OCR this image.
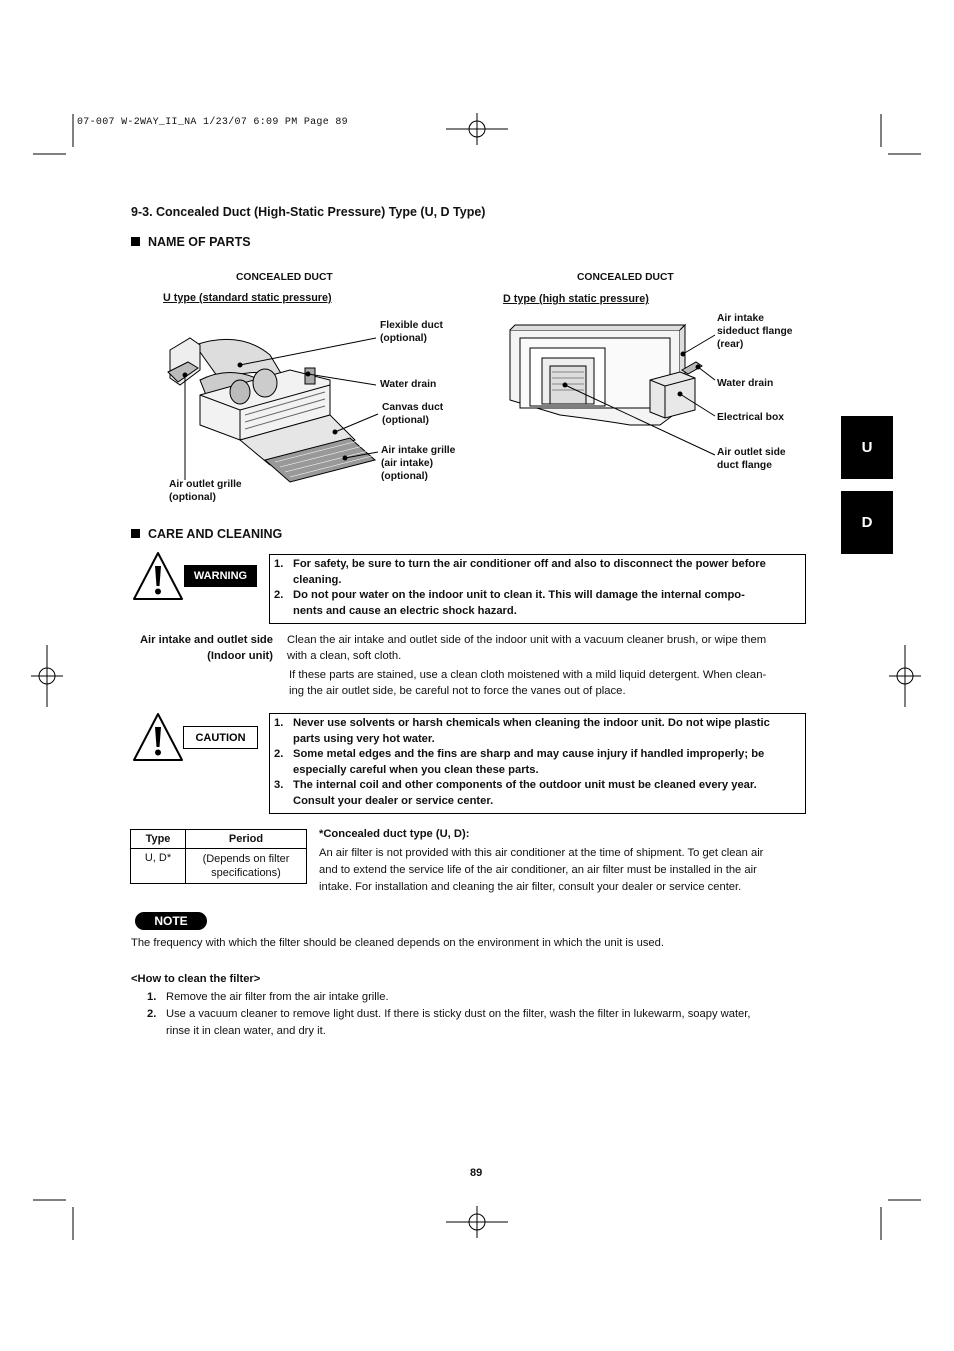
07-007 W-2WAY_II_NA 1/23/07 6:09 PM Page 89
9-3. Concealed Duct (High-Static Pressure) Type (U, D Type)
NAME OF PARTS
CONCEALED DUCT
U type (standard static pressure)
CONCEALED DUCT
D type (high static pressure)
Flexible duct
(optional)
Water drain
Canvas duct
(optional)
Air intake grille
(air intake)
(optional)
Air outlet grille
(optional)
Air intake
sideduct flange
(rear)
Water drain
Electrical box
Air outlet side
duct flange
U
D
CARE AND CLEANING
WARNING
1. For safety, be sure to turn the air conditioner off and also to disconnect the power before
cleaning.
2. Do not pour water on the indoor unit to clean it. This will damage the internal compo-
nents and cause an electric shock hazard.
Air intake and outlet side
(Indoor unit)
Clean the air intake and outlet side of the indoor unit with a vacuum cleaner brush, or wipe them
with a clean, soft cloth.
If these parts are stained, use a clean cloth moistened with a mild liquid detergent. When clean-
ing the air outlet side, be careful not to force the vanes out of place.
CAUTION
1. Never use solvents or harsh chemicals when cleaning the indoor unit. Do not wipe plastic
parts using very hot water.
2. Some metal edges and the fins are sharp and may cause injury if handled improperly; be
especially careful when you clean these parts.
3. The internal coil and other components of the outdoor unit must be cleaned every year.
Consult your dealer or service center.
Type	Period
U, D*	(Depends on filter
specifications)
*Concealed duct type (U, D):
An air filter is not provided with this air conditioner at the time of shipment. To get clean air
and to extend the service life of the air conditioner, an air filter must be installed in the air
intake. For installation and cleaning the air filter, consult your dealer or service center.
NOTE
The frequency with which the filter should be cleaned depends on the environment in which the unit is used.
<How to clean the filter>
1. Remove the air filter from the air intake grille.
2. Use a vacuum cleaner to remove light dust. If there is sticky dust on the filter, wash the filter in lukewarm, soapy water,
rinse it in clean water, and dry it.
89
